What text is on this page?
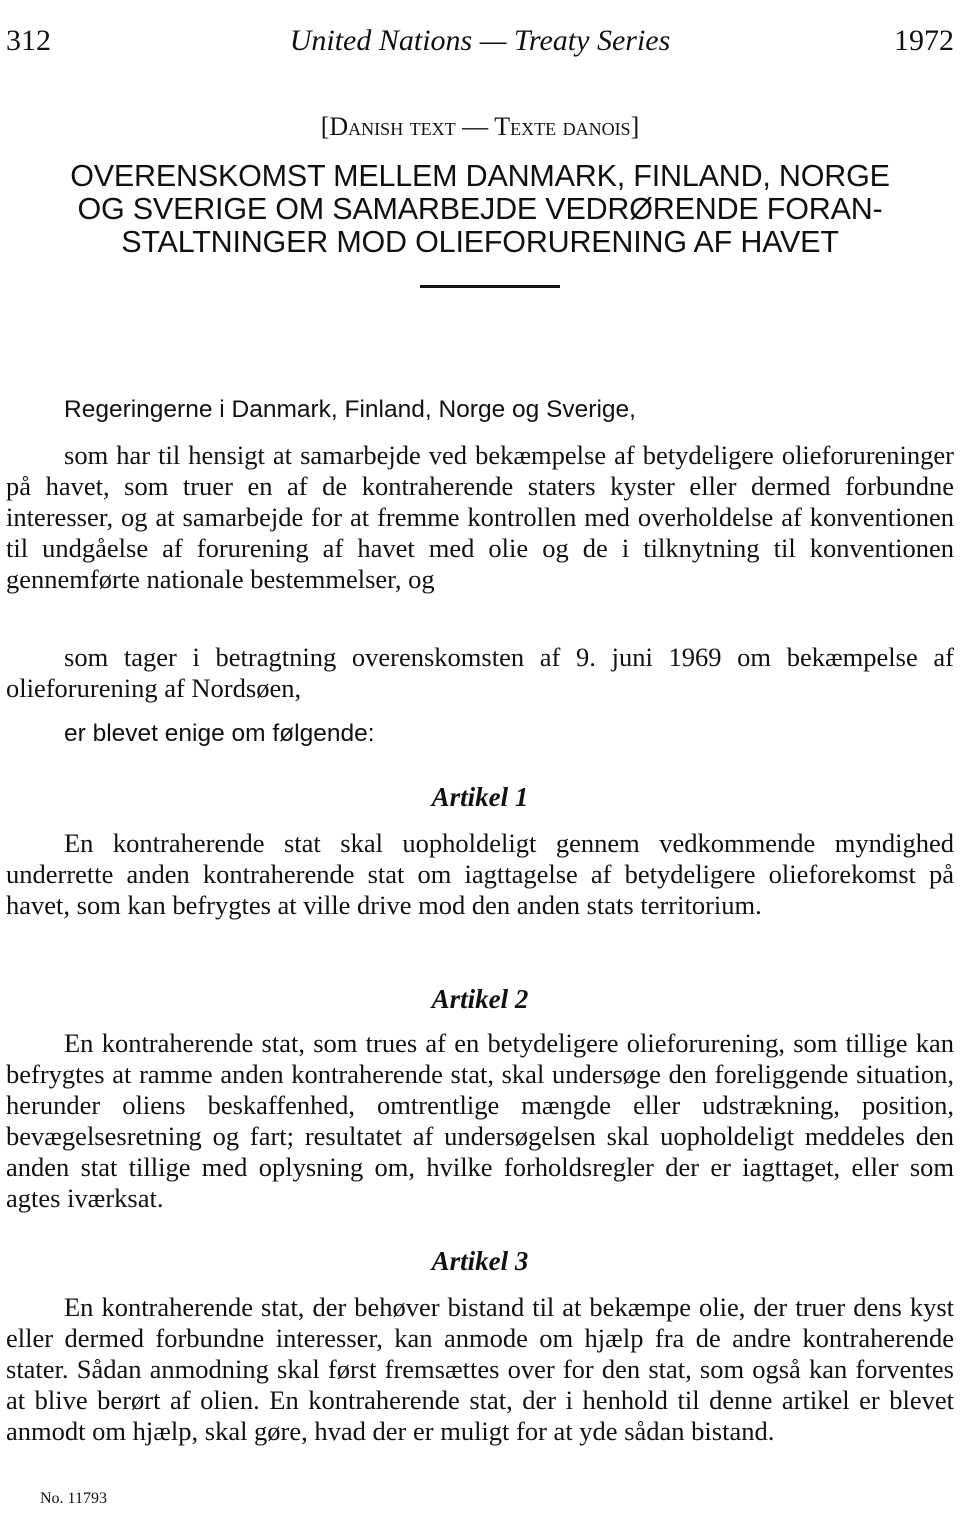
312	United Nations — Treaty Series	1972
[Danish text — Texte danois]
OVERENSKOMST MELLEM DANMARK, FINLAND, NORGE
OG SVERIGE OM SAMARBEJDE VEDRØRENDE FORAN-
STALTNINGER MOD OLIEFORURENING AF HAVET

Regeringerne i Danmark, Finland, Norge og Sverige,

som har til hensigt at samarbejde ved bekæmpelse af betydeligere olieforureninger på havet, som truer en af de kontraherende staters kyster eller dermed forbundne interesser, og at samarbejde for at fremme kontrollen med overholdelse af konventionen til undgåelse af forurening af havet med olie og de i tilknytning til konventionen gennemførte nationale bestemmelser, og

som tager i betragtning overenskomsten af 9. juni 1969 om bekæmpelse af olieforurening af Nordsøen,

er blevet enige om følgende:

Artikel 1

En kontraherende stat skal uopholdeligt gennem vedkommende myndighed underrette anden kontraherende stat om iagttagelse af betydeligere olieforekomst på havet, som kan befrygtes at ville drive mod den anden stats territorium.

Artikel 2

En kontraherende stat, som trues af en betydeligere olieforurening, som tillige kan befrygtes at ramme anden kontraherende stat, skal undersøge den foreliggende situation, herunder oliens beskaffenhed, omtrentlige mængde eller udstrækning, position, bevægelsesretning og fart; resultatet af undersøgelsen skal uopholdeligt meddeles den anden stat tillige med oplysning om, hvilke forholdsregler der er iagttaget, eller som agtes iværksat.

Artikel 3

En kontraherende stat, der behøver bistand til at bekæmpe olie, der truer dens kyst eller dermed forbundne interesser, kan anmode om hjælp fra de andre kontraherende stater. Sådan anmodning skal først fremsættes over for den stat, som også kan forventes at blive berørt af olien. En kontraherende stat, der i henhold til denne artikel er blevet anmodt om hjælp, skal gøre, hvad der er muligt for at yde sådan bistand.

No. 11793
